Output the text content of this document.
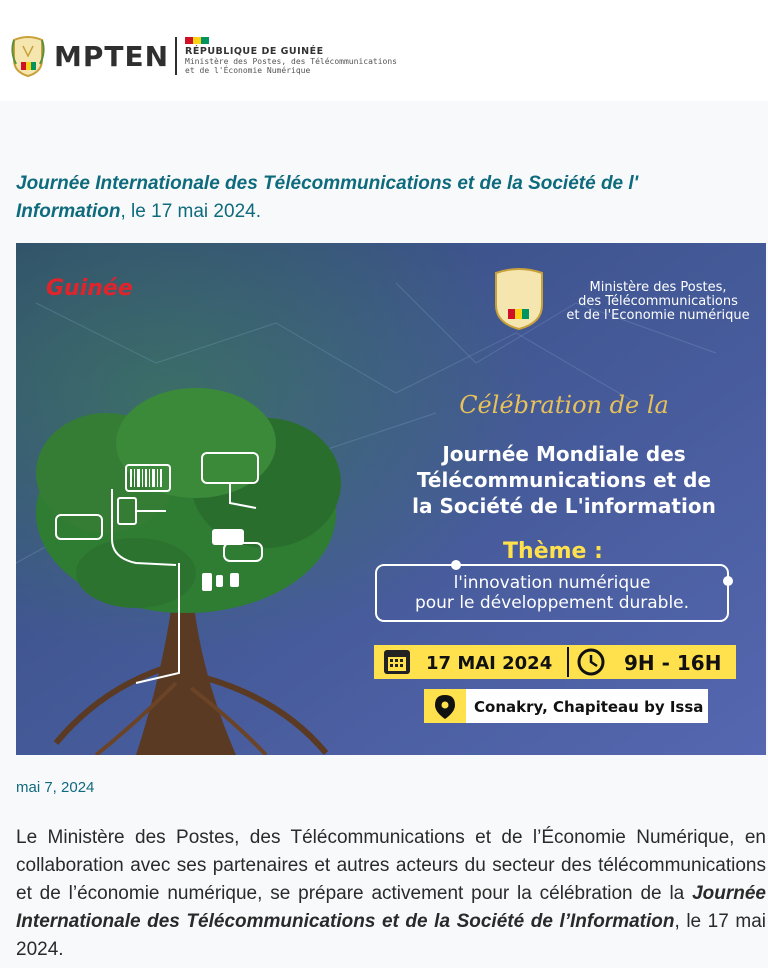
MPTEN RÉPUBLIQUE DE GUINÉE
Ministère des Postes, des Télécommunications
et de l'Économie Numérique
Journée Internationale des Télécommunications et de la Société de l' Information, le 17 mai 2024.
Guinée	Ministère des Postes,
des Télécommunications
et de l'Economie numérique
Célébration de la
Journée Mondiale des
Télécommunications et de
la Société de L'information
Thème :
l'innovation numérique
pour le développement durable.
17 MAI 2024	9H - 16H
Conakry, Chapiteau by Issa
mai 7, 2024

Le Ministère des Postes, des Télécommunications et de l’Économie Numérique, en collaboration avec ses partenaires et autres acteurs du secteur des télécommunications et de l’économie numérique, se prépare activement pour la célébration de la Journée Internationale des Télécommunications et de la Société de l’Information, le 17 mai 2024.
